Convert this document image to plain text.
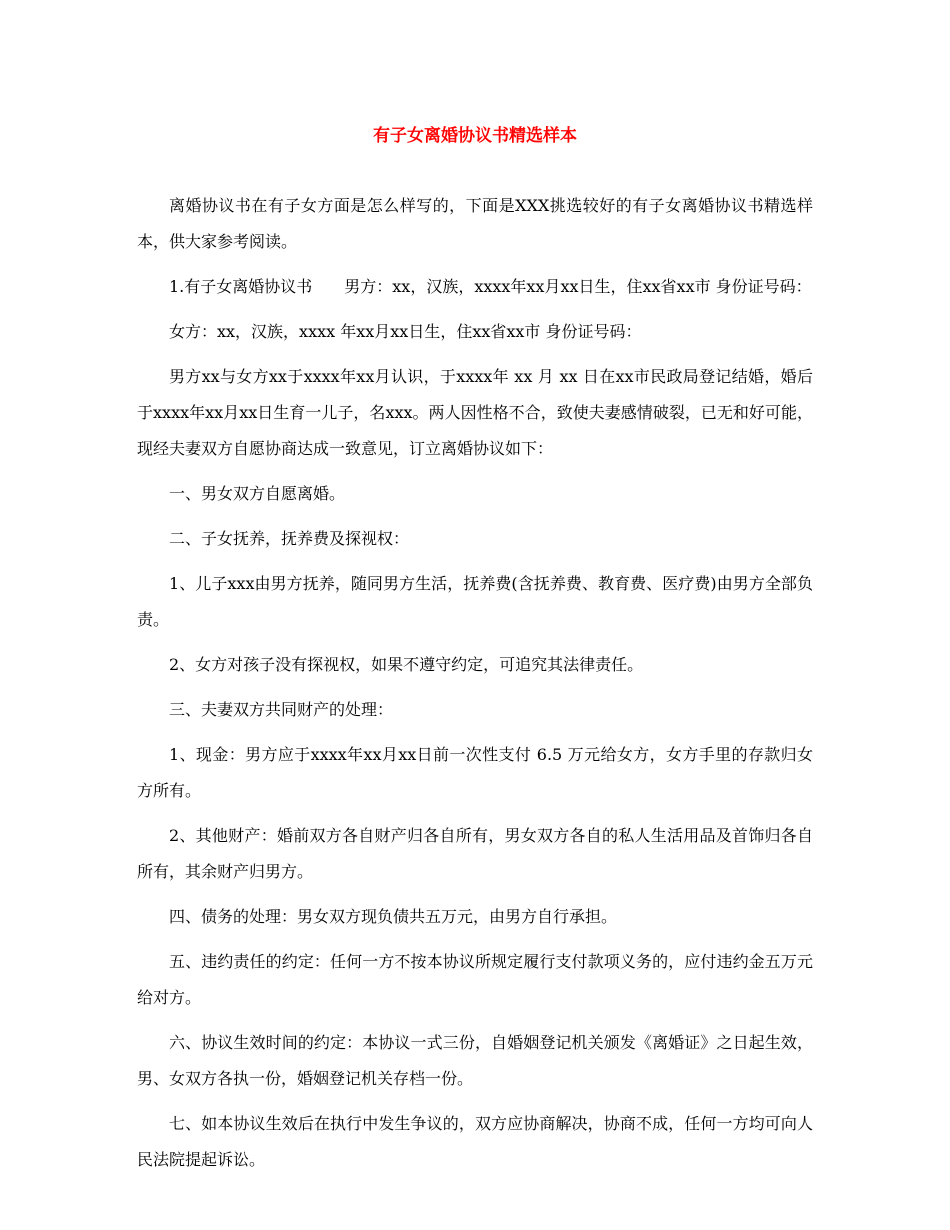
有子女离婚协议书精选样本

离婚协议书在有子女方面是怎么样写的，下面是XXX挑选较好的有子女离婚协议书精选样本，供大家参考阅读。

1.有子女离婚协议书　　男方：xx，汉族，xxxx年xx月xx日生，住xx省xx市 身份证号码：

女方：xx，汉族，xxxx 年xx月xx日生，住xx省xx市 身份证号码：

男方xx与女方xx于xxxx年xx月认识，于xxxx年 xx 月 xx 日在xx市民政局登记结婚，婚后于xxxx年xx月xx日生育一儿子，名xxx。两人因性格不合，致使夫妻感情破裂，已无和好可能，现经夫妻双方自愿协商达成一致意见，订立离婚协议如下：

一、男女双方自愿离婚。

二、子女抚养，抚养费及探视权：

1、儿子xxx由男方抚养，随同男方生活，抚养费(含抚养费、教育费、医疗费)由男方全部负责。

2、女方对孩子没有探视权，如果不遵守约定，可追究其法律责任。

三、夫妻双方共同财产的处理：

1、现金：男方应于xxxx年xx月xx日前一次性支付 6.5 万元给女方，女方手里的存款归女方所有。

2、其他财产：婚前双方各自财产归各自所有，男女双方各自的私人生活用品及首饰归各自所有，其余财产归男方。

四、债务的处理：男女双方现负债共五万元，由男方自行承担。

五、违约责任的约定：任何一方不按本协议所规定履行支付款项义务的，应付违约金五万元给对方。

六、协议生效时间的约定：本协议一式三份，自婚姻登记机关颁发《离婚证》之日起生效，男、女双方各执一份，婚姻登记机关存档一份。

七、如本协议生效后在执行中发生争议的，双方应协商解决，协商不成，任何一方均可向人民法院提起诉讼。
